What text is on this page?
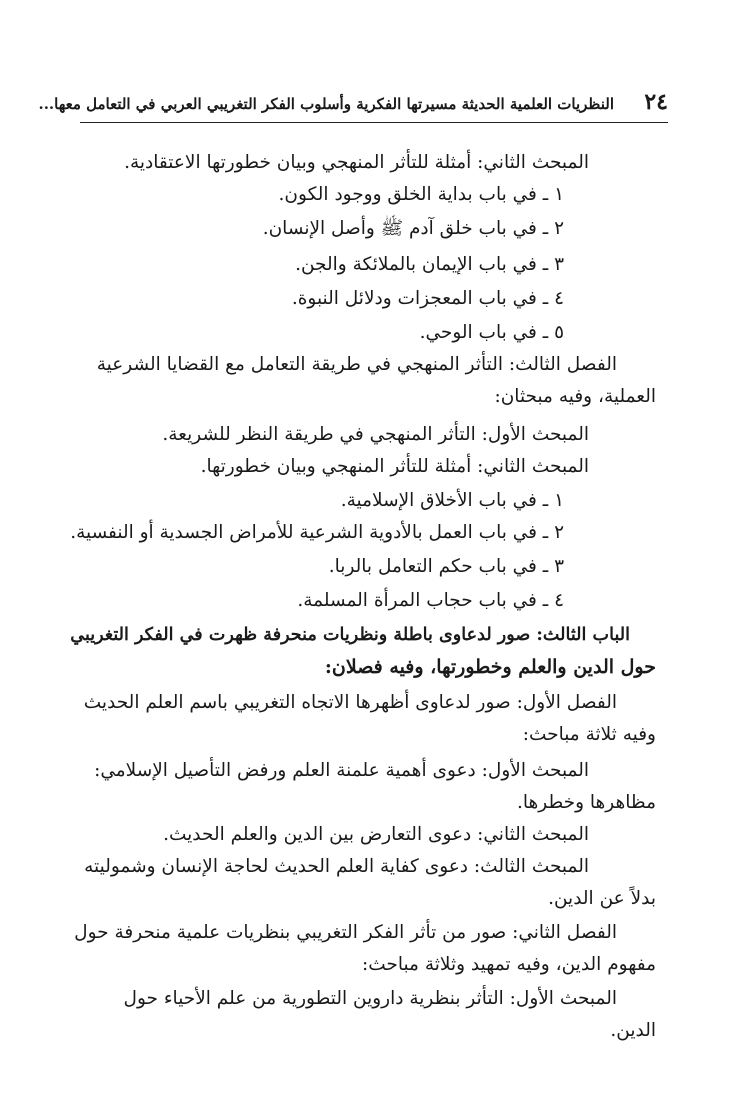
٢٤
النظريات العلمية الحديثة مسيرتها الفكرية وأسلوب الفكر التغريبي العربي في التعامل معها...
المبحث الثاني: أمثلة للتأثر المنهجي وبيان خطورتها الاعتقادية.
١ ـ في باب بداية الخلق ووجود الكون.
٢ ـ في باب خلق آدم ﷺ وأصل الإنسان.
٣ ـ في باب الإيمان بالملائكة والجن.
٤ ـ في باب المعجزات ودلائل النبوة.
٥ ـ في باب الوحي.
الفصل الثالث: التأثر المنهجي في طريقة التعامل مع القضايا الشرعية
العملية، وفيه مبحثان:
المبحث الأول: التأثر المنهجي في طريقة النظر للشريعة.
المبحث الثاني: أمثلة للتأثر المنهجي وبيان خطورتها.
١ ـ في باب الأخلاق الإسلامية.
٢ ـ في باب العمل بالأدوية الشرعية للأمراض الجسدية أو النفسية.
٣ ـ في باب حكم التعامل بالربا.
٤ ـ في باب حجاب المرأة المسلمة.
الباب الثالث: صور لدعاوى باطلة ونظريات منحرفة ظهرت في الفكر التغريبي
حول الدين والعلم وخطورتها، وفيه فصلان:
الفصل الأول: صور لدعاوى أظهرها الاتجاه التغريبي باسم العلم الحديث
وفيه ثلاثة مباحث:
المبحث الأول: دعوى أهمية علمنة العلم ورفض التأصيل الإسلامي:
مظاهرها وخطرها.
المبحث الثاني: دعوى التعارض بين الدين والعلم الحديث.
المبحث الثالث: دعوى كفاية العلم الحديث لحاجة الإنسان وشموليته
بدلاً عن الدين.
الفصل الثاني: صور من تأثر الفكر التغريبي بنظريات علمية منحرفة حول
مفهوم الدين، وفيه تمهيد وثلاثة مباحث:
المبحث الأول: التأثر بنظرية داروين التطورية من علم الأحياء حول
الدين.
